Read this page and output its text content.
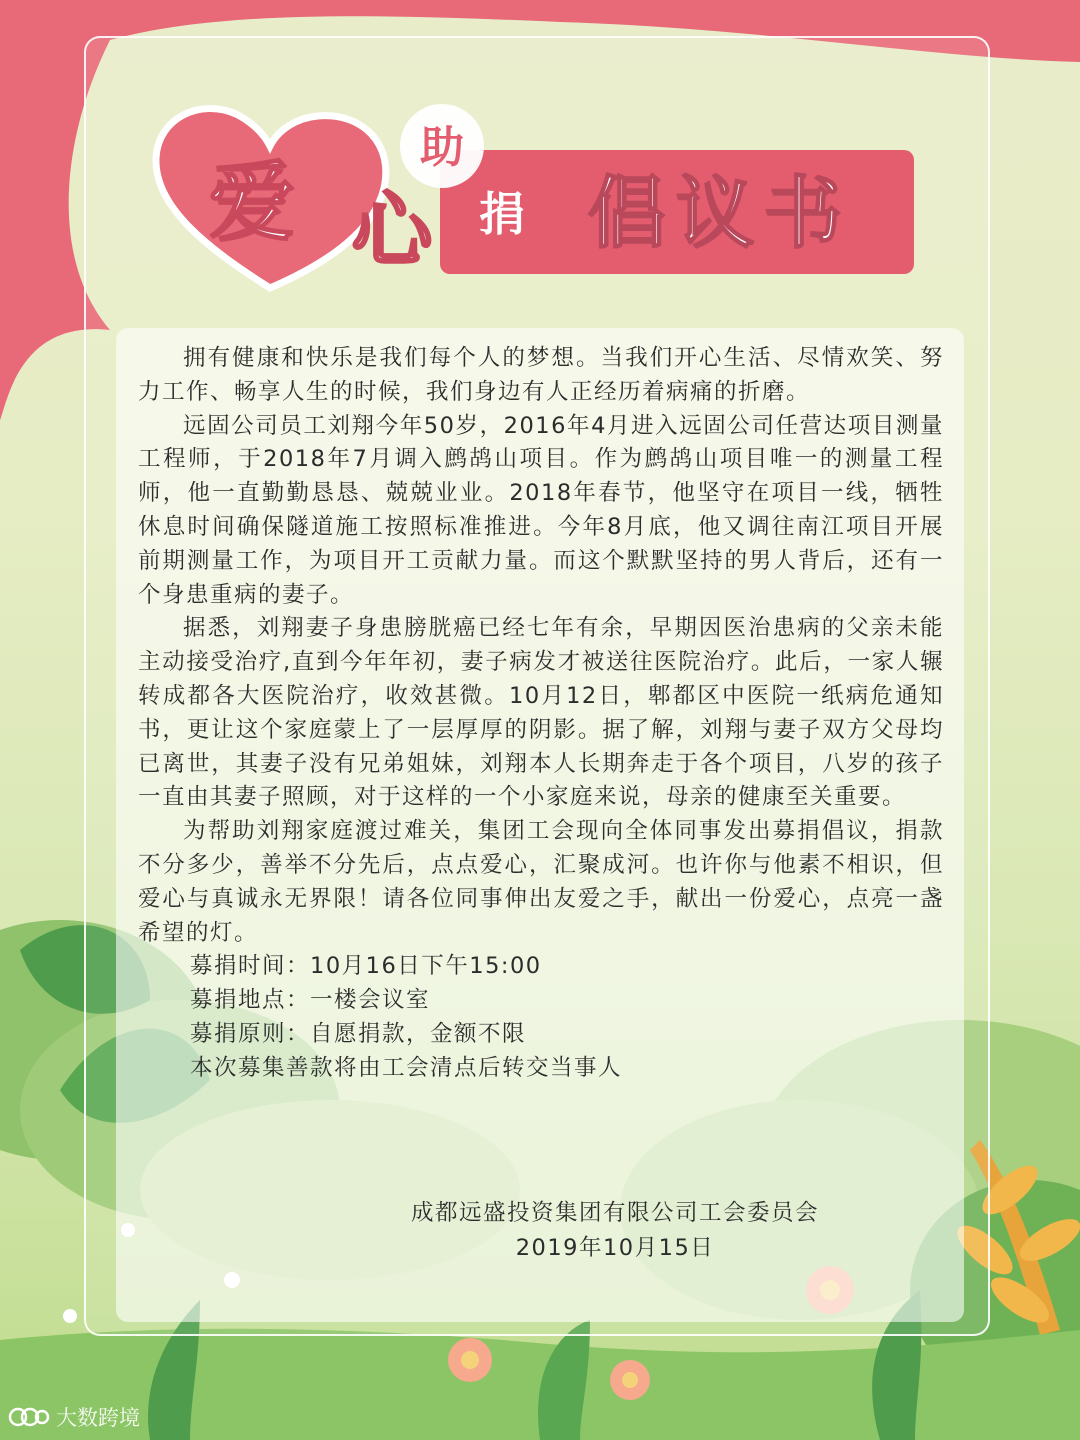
爱 心
助
捐 倡议书

拥有健康和快乐是我们每个人的梦想。当我们开心生活、尽情欢笑、努力工作、畅享人生的时候，我们身边有人正经历着病痛的折磨。

远固公司员工刘翔今年50岁，2016年4月进入远固公司任营达项目测量工程师，于2018年7月调入鹧鸪山项目。作为鹧鸪山项目唯一的测量工程师，他一直勤勤恳恳、兢兢业业。2018年春节，他坚守在项目一线，牺牲休息时间确保隧道施工按照标准推进。今年8月底，他又调往南江项目开展前期测量工作，为项目开工贡献力量。而这个默默坚持的男人背后，还有一个身患重病的妻子。

据悉，刘翔妻子身患膀胱癌已经七年有余，早期因医治患病的父亲未能主动接受治疗,直到今年年初，妻子病发才被送往医院治疗。此后，一家人辗转成都各大医院治疗，收效甚微。10月12日，郫都区中医院一纸病危通知书，更让这个家庭蒙上了一层厚厚的阴影。据了解，刘翔与妻子双方父母均已离世，其妻子没有兄弟姐妹，刘翔本人长期奔走于各个项目，八岁的孩子一直由其妻子照顾，对于这样的一个小家庭来说，母亲的健康至关重要。

为帮助刘翔家庭渡过难关，集团工会现向全体同事发出募捐倡议，捐款不分多少，善举不分先后，点点爱心，汇聚成河。也许你与他素不相识，但爱心与真诚永无界限！请各位同事伸出友爱之手，献出一份爱心，点亮一盏希望的灯。

募捐时间：10月16日下午15:00

募捐地点：一楼会议室

募捐原则：自愿捐款，金额不限

本次募集善款将由工会清点后转交当事人

成都远盛投资集团有限公司工会委员会
2019年10月15日
大数跨境
